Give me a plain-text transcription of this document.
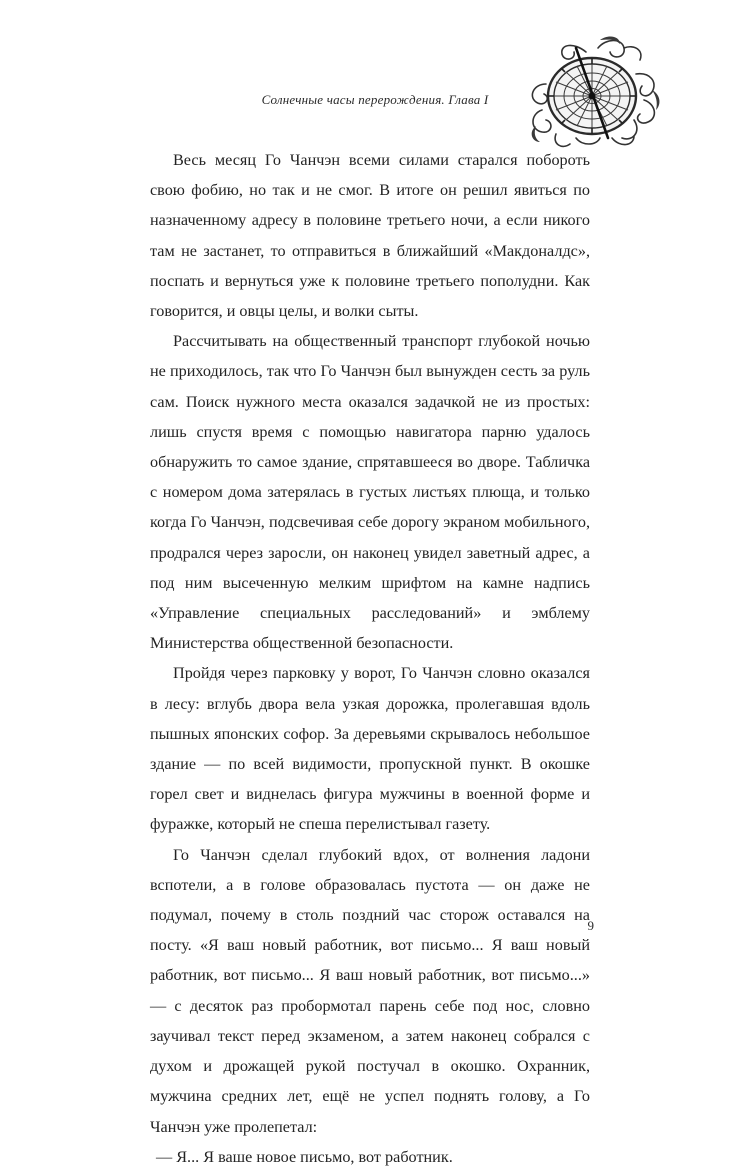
Солнечные часы перерождения. Глава I

Весь месяц Го Чанчэн всеми силами старался побороть свою фобию, но так и не смог. В итоге он решил явиться по назначенному адресу в половине третьего ночи, а если никого там не застанет, то отправиться в ближайший «Макдоналдс», поспать и вернуться уже к половине третьего пополудни. Как говорится, и овцы целы, и волки сыты.

Рассчитывать на общественный транспорт глубокой ночью не приходилось, так что Го Чанчэн был вынужден сесть за руль сам. Поиск нужного места оказался задачкой не из простых: лишь спустя время с помощью навигатора парню удалось обнаружить то самое здание, спрятавшееся во дворе. Табличка с номером дома затерялась в густых листьях плюща, и только когда Го Чанчэн, подсвечивая себе дорогу экраном мобильного, продрался через заросли, он наконец увидел заветный адрес, а под ним высеченную мелким шрифтом на камне надпись «Управление специальных расследований» и эмблему Министерства общественной безопасности.

Пройдя через парковку у ворот, Го Чанчэн словно оказался в лесу: вглубь двора вела узкая дорожка, пролегавшая вдоль пышных японских софор. За деревьями скрывалось небольшое здание — по всей видимости, пропускной пункт. В окошке горел свет и виднелась фигура мужчины в военной форме и фуражке, который не спеша перелистывал газету.

Го Чанчэн сделал глубокий вдох, от волнения ладони вспотели, а в голове образовалась пустота — он даже не подумал, почему в столь поздний час сторож оставался на посту. «Я ваш новый работник, вот письмо... Я ваш новый работник, вот письмо... Я ваш новый работник, вот письмо...» — с десяток раз пробормотал парень себе под нос, словно заучивал текст перед экзаменом, а затем наконец собрался с духом и дрожащей рукой постучал в окошко. Охранник, мужчина средних лет, ещё не успел поднять голову, а Го Чанчэн уже пролепетал:

— Я... Я ваше новое письмо, вот работник.

9
